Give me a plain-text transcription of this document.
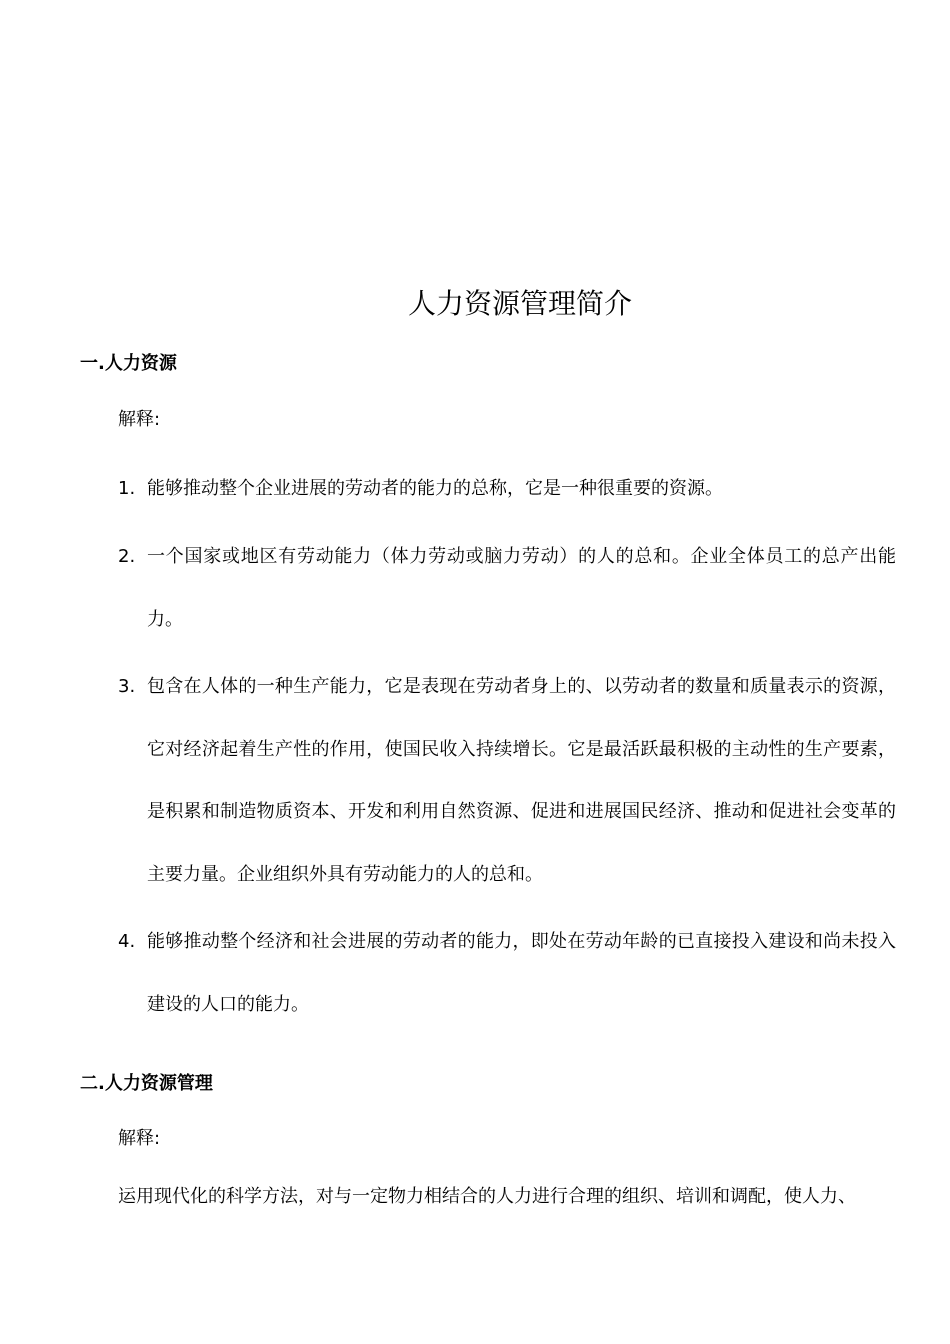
人力资源管理简介
一.人力资源

解释:

1. 能够推动整个企业进展的劳动者的能力的总称，它是一种很重要的资源。
2. 一个国家或地区有劳动能力（体力劳动或脑力劳动）的人的总和。企业全体员工的总产出能力。
3. 包含在人体的一种生产能力，它是表现在劳动者身上的、以劳动者的数量和质量表示的资源，它对经济起着生产性的作用，使国民收入持续增长。它是最活跃最积极的主动性的生产要素，是积累和制造物质资本、开发和利用自然资源、促进和进展国民经济、推动和促进社会变革的主要力量。企业组织外具有劳动能力的人的总和。
4. 能够推动整个经济和社会进展的劳动者的能力，即处在劳动年龄的已直接投入建设和尚未投入建设的人口的能力。
二.人力资源管理

解释:

运用现代化的科学方法，对与一定物力相结合的人力进行合理的组织、培训和调配，使人力、
